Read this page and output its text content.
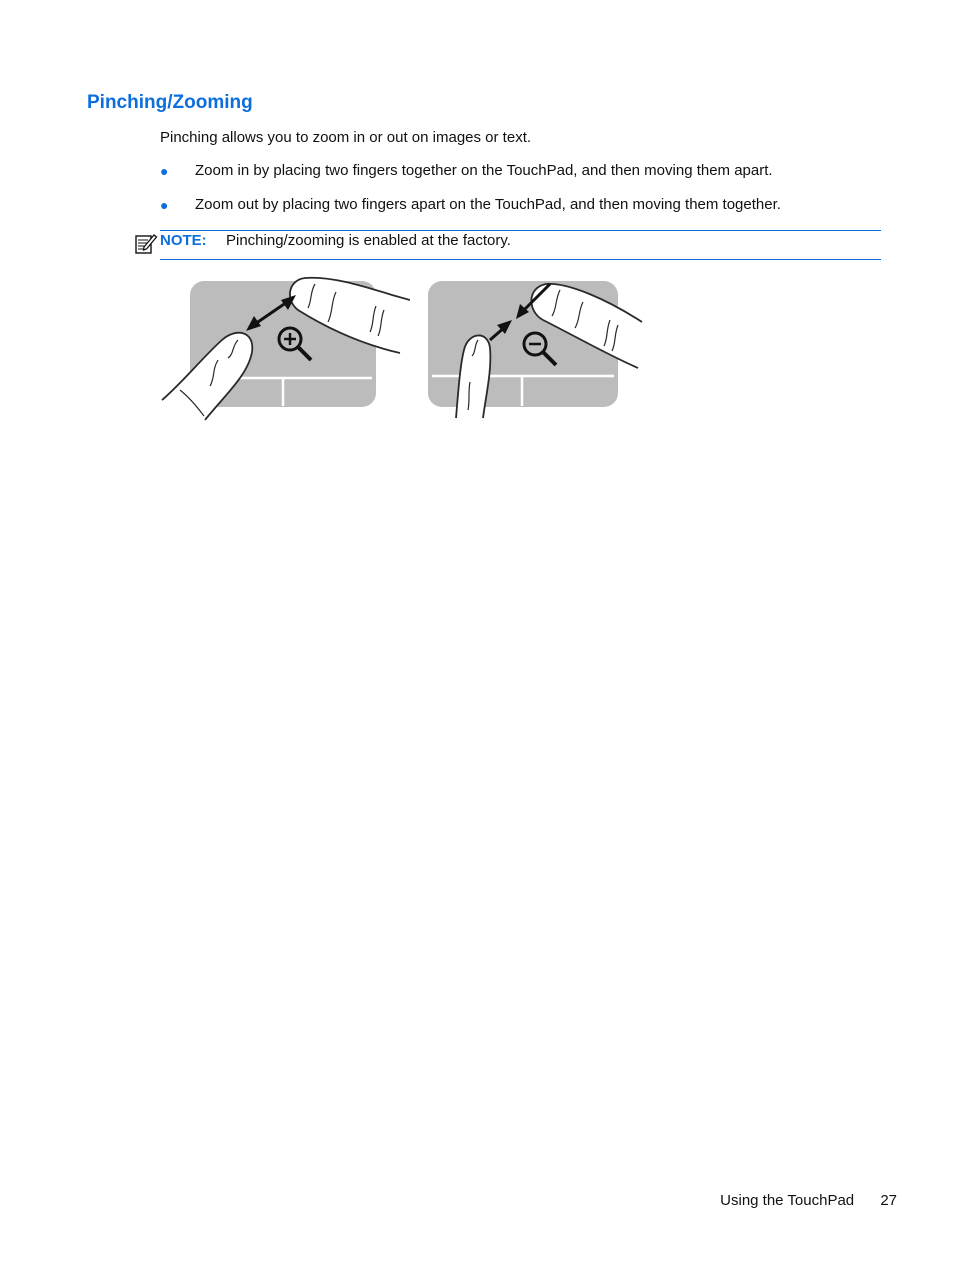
Pinching/Zooming

Pinching allows you to zoom in or out on images or text.

● Zoom in by placing two fingers together on the TouchPad, and then moving them apart.
● Zoom out by placing two fingers apart on the TouchPad, and then moving them together.
NOTE: Pinching/zooming is enabled at the factory.
Using the TouchPad 27
